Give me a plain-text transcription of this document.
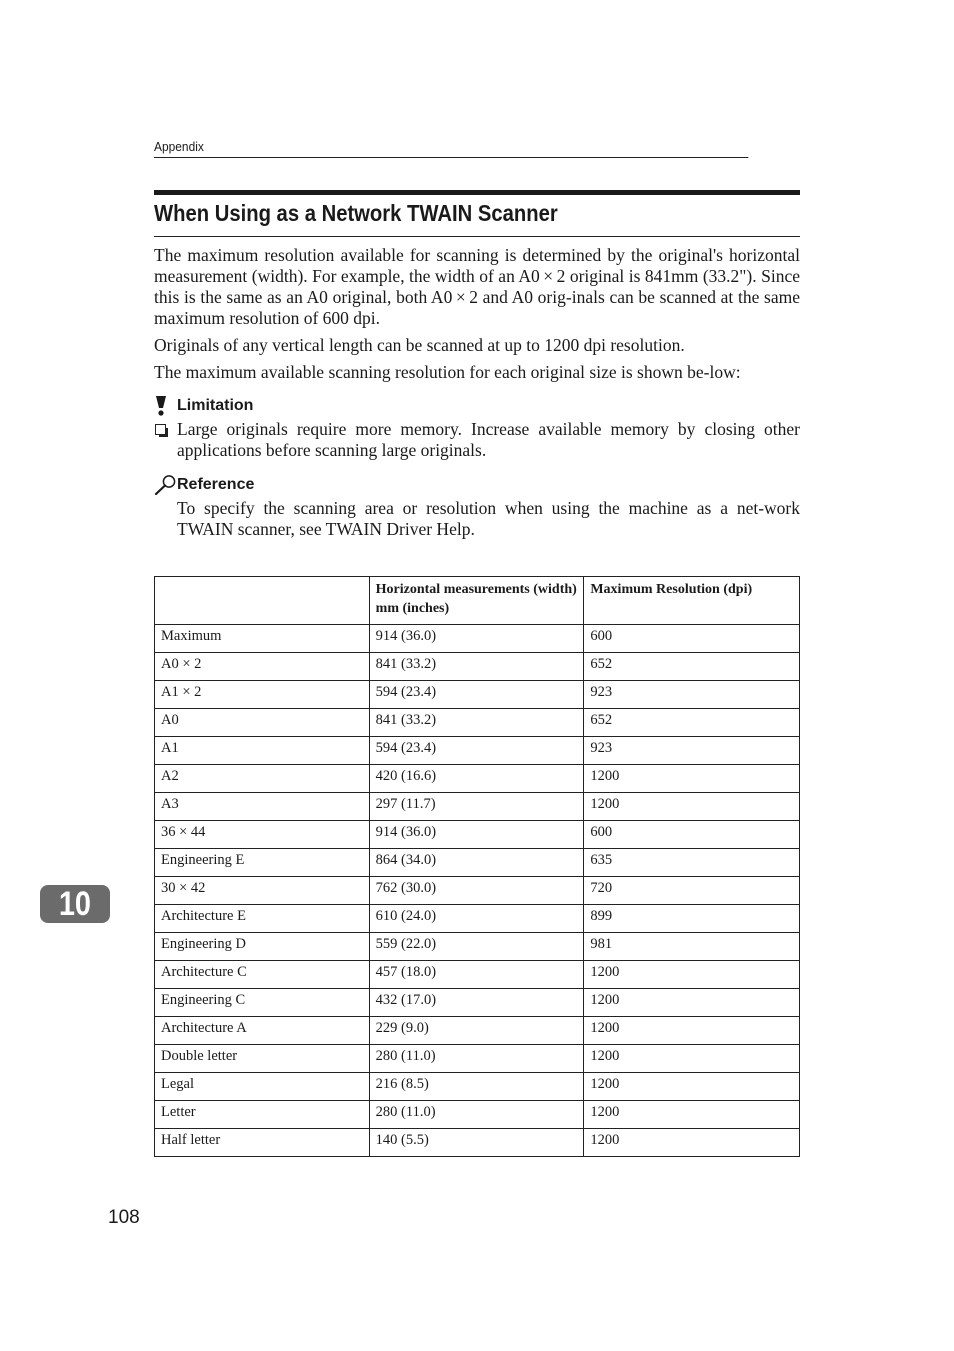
Appendix
When Using as a Network TWAIN Scanner

The maximum resolution available for scanning is determined by the original's horizontal measurement (width). For example, the width of an A0 × 2 original is 841mm (33.2"). Since this is the same as an A0 original, both A0 × 2 and A0 orig-inals can be scanned at the same maximum resolution of 600 dpi.

Originals of any vertical length can be scanned at up to 1200 dpi resolution.

The maximum available scanning resolution for each original size is shown be-low:

Limitation
Large originals require more memory. Increase available memory by closing other applications before scanning large originals.
Reference
To specify the scanning area or resolution when using the machine as a net-work TWAIN scanner, see TWAIN Driver Help.
	Horizontal measurements (width) mm (inches)	Maximum Resolution (dpi)
Maximum	914 (36.0)	600
A0 × 2	841 (33.2)	652
A1 × 2	594 (23.4)	923
A0	841 (33.2)	652
A1	594 (23.4)	923
A2	420 (16.6)	1200
A3	297 (11.7)	1200
36 × 44	914 (36.0)	600
Engineering E	864 (34.0)	635
30 × 42	762 (30.0)	720
Architecture E	610 (24.0)	899
Engineering D	559 (22.0)	981
Architecture C	457 (18.0)	1200
Engineering C	432 (17.0)	1200
Architecture A	229 (9.0)	1200
Double letter	280 (11.0)	1200
Legal	216 (8.5)	1200
Letter	280 (11.0)	1200
Half letter	140 (5.5)	1200
10
108
